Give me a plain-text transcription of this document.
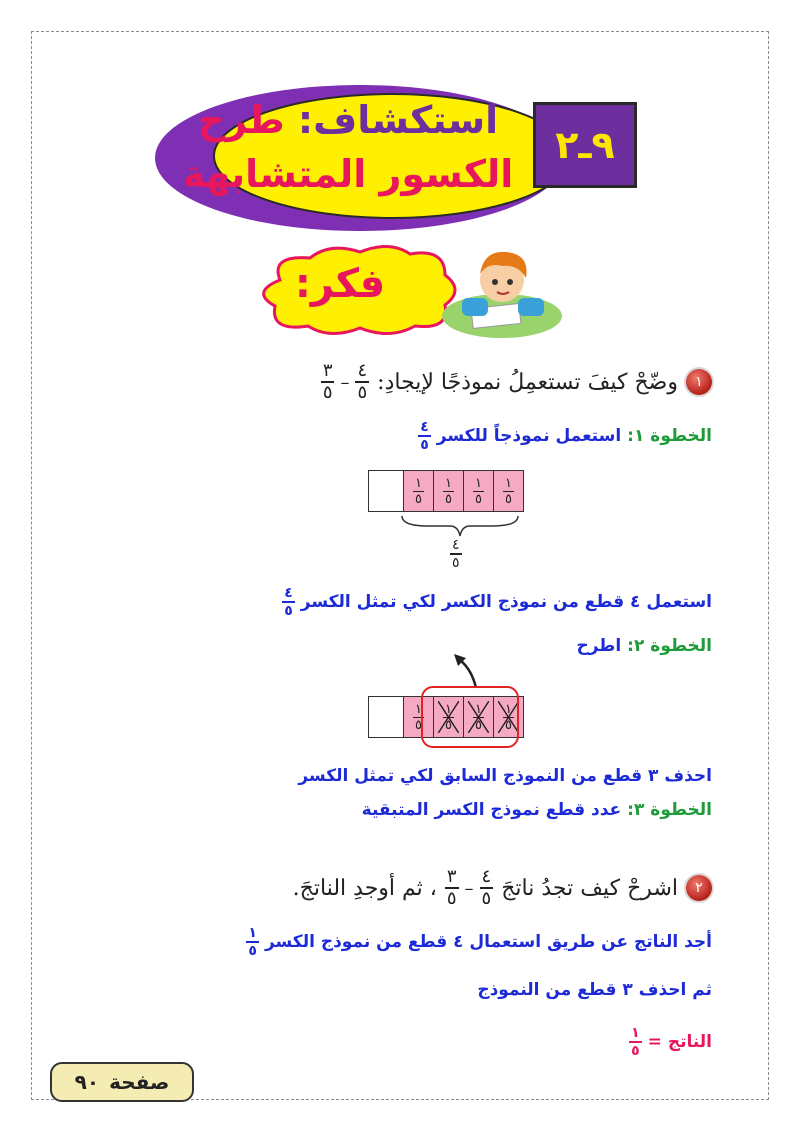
استكشاف: طرح
الكسور المتشابهة
٩ـ٢
فكر:
١
وضّحْ كيفَ تستعمِلُ نموذجًا لإيجادِ:
$\frac{٤}{٥}$
–
$\frac{٣}{٥}$
الخطوة ١:
استعمل نموذجاً للكسر
$\frac{٤}{٥}$
$\frac{١}{٥} \frac{١}{٥} \frac{١}{٥} \frac{١}{٥}$
$\frac{٤}{٥}$
استعمل ٤ قطع من نموذج الكسر لكي تمثل الكسر
$\frac{٤}{٥}$
الخطوة ٢:
اطرح
$\frac{١}{٥} \frac{١}{٥} \frac{١}{٥} \frac{١}{٥}$
احذف ٣ قطع من النموذج السابق لكي تمثل الكسر
الخطوة ٣:
عدد قطع نموذج الكسر المتبقية
٢
اشرحْ كيف تجدُ ناتجَ
$\frac{٤}{٥}$
–
$\frac{٣}{٥}$
، ثم أوجدِ الناتجَ.
أجد الناتج عن طريق استعمال ٤ قطع من نموذج الكسر
$\frac{١}{٥}$
ثم احذف ٣ قطع من النموذج
الناتج =
$\frac{١}{٥}$
صفحة
٩٠
